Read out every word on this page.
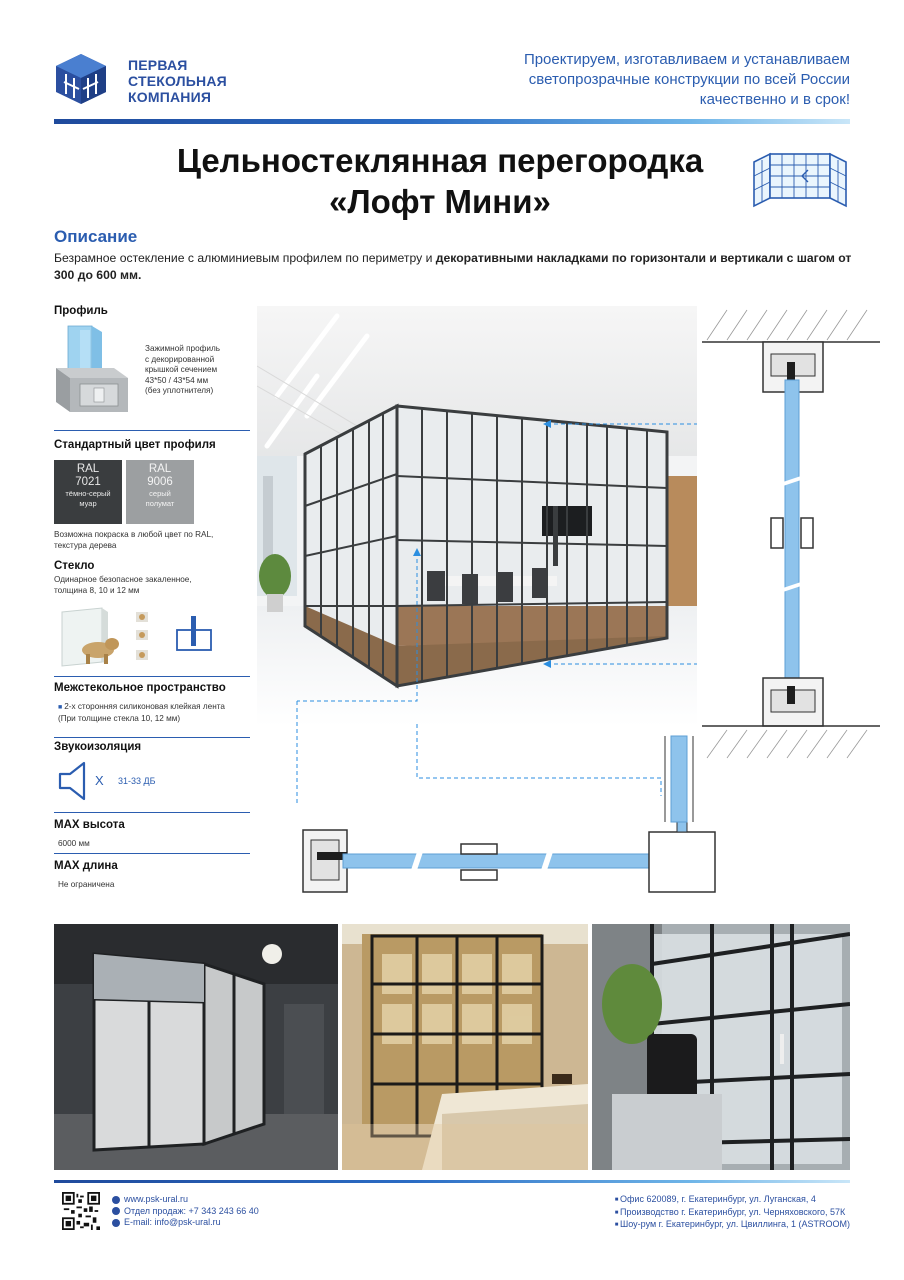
ПЕРВАЯ
СТЕКОЛЬНАЯ
КОМПАНИЯ
Проектируем, изготавливаем и устанавливаем
светопрозрачные конструкции по всей России
качественно и в срок!
Цельностеклянная перегородка
«Лофт Мини»
Описание
Безрамное остекление с алюминиевым профилем по периметру и декоративными накладками по горизонтали и вертикали с шагом от 300 до 600 мм.
Профиль
Зажимной профиль
с декорированной
крышкой сечением
43*50 / 43*54 мм
(без уплотнителя)
Стандартный цвет профиля
RAL
7021
тёмно-серый
муар
RAL
9006
серый
полумат
Возможна покраска в любой цвет по RAL,
текстура дерева
Стекло
Одинарное безопасное закаленное,
толщина 8, 10 и 12 мм
Межстекольное пространство
■ 2-х сторонняя силиконовая клейкая лента
(При толщине стекла 10, 12 мм)
Звукоизоляция
X 31-33 ДБ
MAX высота
6000 мм
MAX длина
Не ограничена
www.psk-ural.ru
Отдел продаж: +7 343 243 66 40
E-mail: info@psk-ural.ru
■ Офис 620089, г. Екатеринбург, ул. Луганская, 4
■ Производство г. Екатеринбург, ул. Черняховского, 57К
■ Шоу-рум г. Екатеринбург, ул. Цвиллинга, 1 (ASTROOM)
